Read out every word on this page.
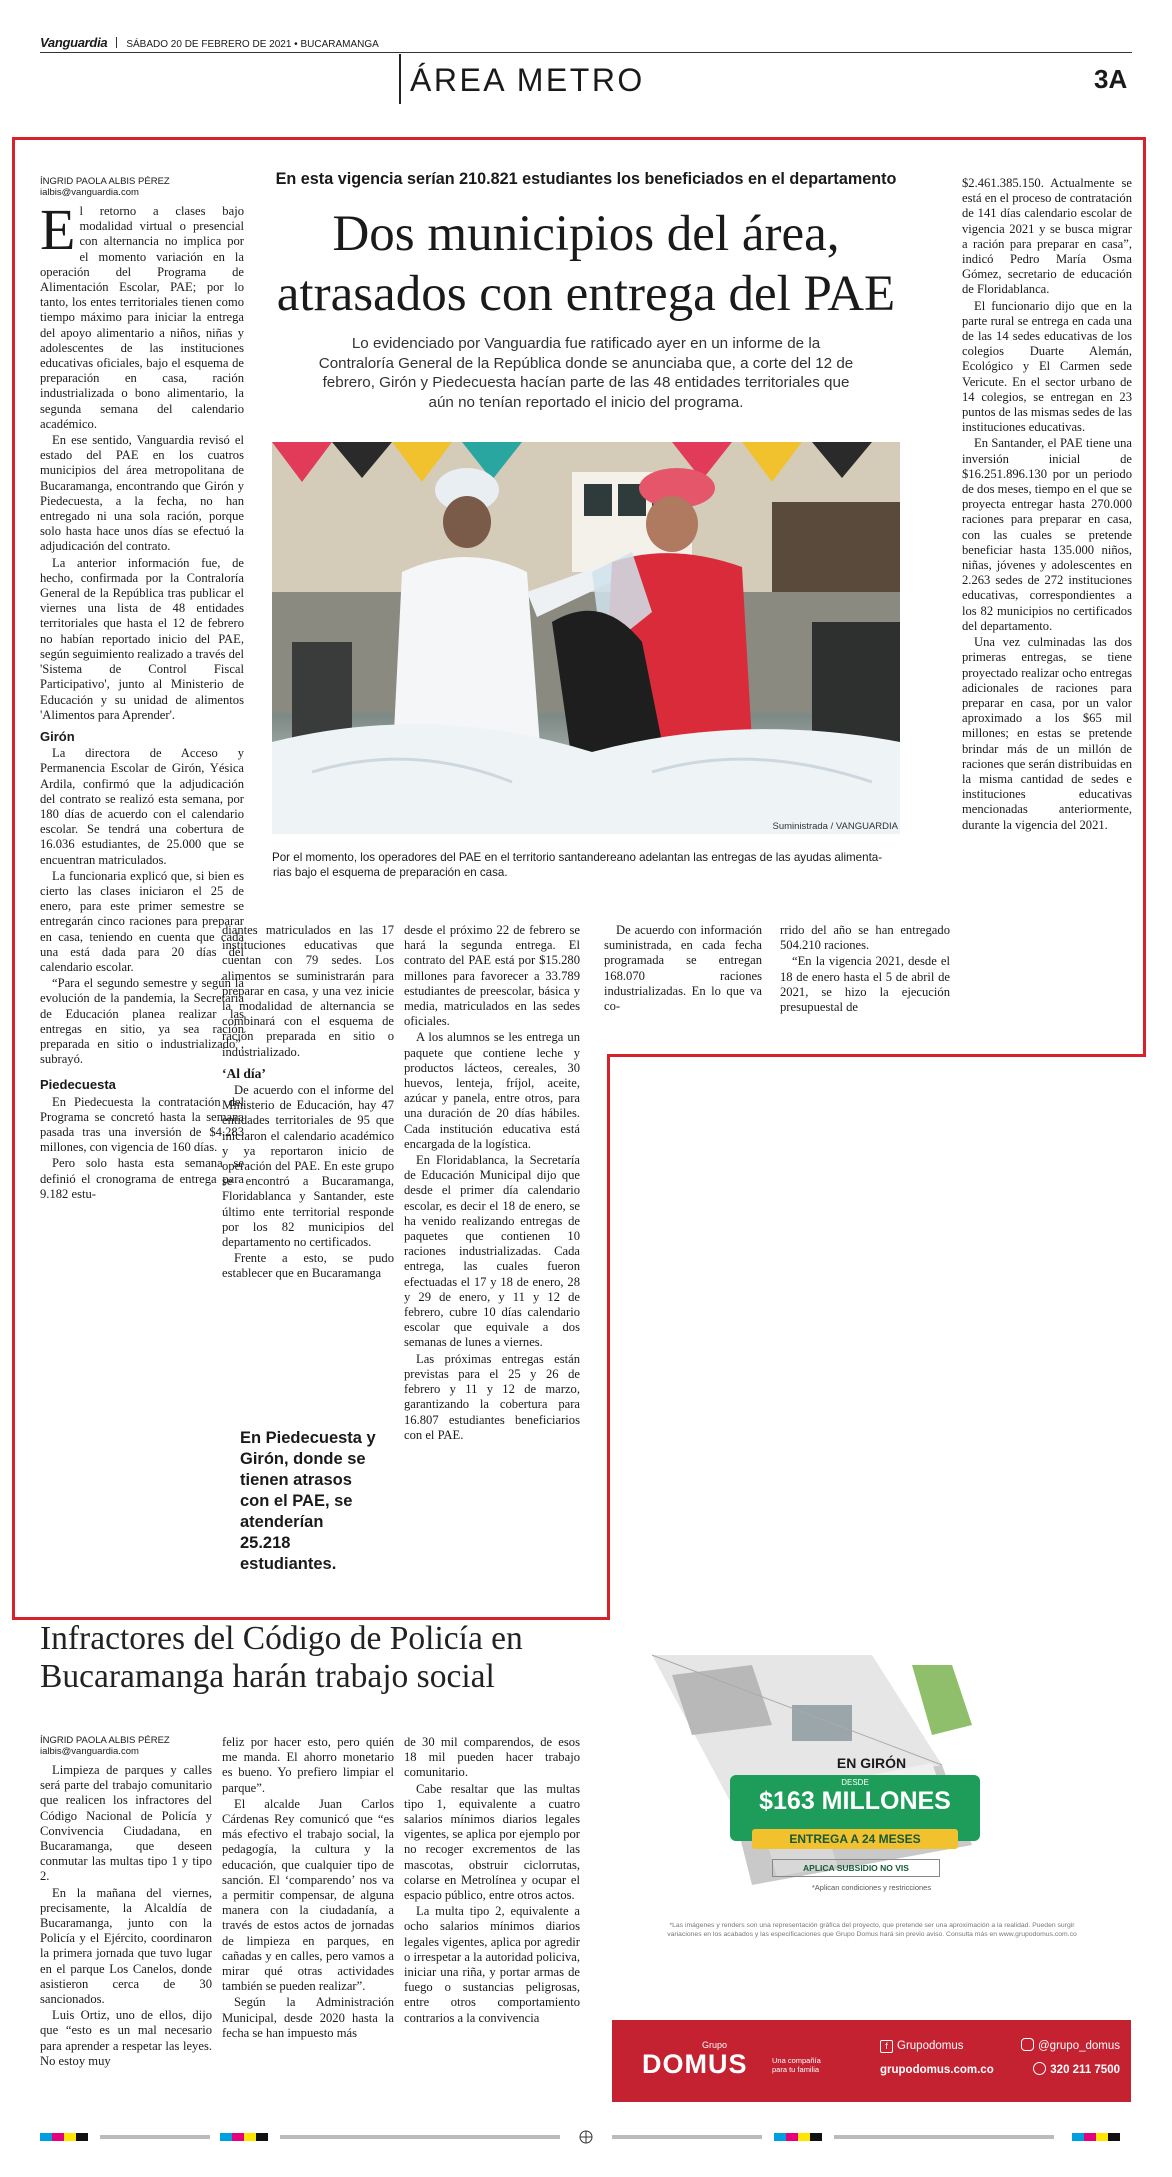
Vanguardia SÁBADO 20 DE FEBRERO DE 2021 • BUCARAMANGA
ÁREA METRO	3A
En esta vigencia serían 210.821 estudiantes los beneficiados en el departamento
Dos municipios del área,
atrasados con entrega del PAE
Lo evidenciado por Vanguardia fue ratificado ayer en un informe de la
Contraloría General de la República donde se anunciaba que, a corte del 12 de
febrero, Girón y Piedecuesta hacían parte de las 48 entidades territoriales que
aún no tenían reportado el inicio del programa.
Suministrada / VANGUARDIA
Por el momento, los operadores del PAE en el territorio santandereano adelantan las entregas de las ayudas alimenta-
rias bajo el esquema de preparación en casa.
ÍNGRID PAOLA ALBIS PÉREZ
ialbis@vanguardia.com

El retorno a clases bajo modalidad virtual o presencial con alternancia no implica por el momento variación en la operación del Programa de Alimentación Escolar, PAE; por lo tanto, los entes territoriales tienen como tiempo máximo para iniciar la entrega del apoyo alimentario a niños, niñas y adolescentes de las instituciones educativas oficiales, bajo el esquema de preparación en casa, ración industrializada o bono alimentario, la segunda semana del calendario académico.

En ese sentido, Vanguardia revisó el estado del PAE en los cuatros municipios del área metropolitana de Bucaramanga, encontrando que Girón y Piedecuesta, a la fecha, no han entregado ni una sola ración, porque solo hasta hace unos días se efectuó la adjudicación del contrato.

La anterior información fue, de hecho, confirmada por la Contraloría General de la República tras publicar el viernes una lista de 48 entidades territoriales que hasta el 12 de febrero no habían reportado inicio del PAE, según seguimiento realizado a través del 'Sistema de Control Fiscal Participativo', junto al Ministerio de Educación y su unidad de alimentos 'Alimentos para Aprender'.

Girón

La directora de Acceso y Permanencia Escolar de Girón, Yésica Ardila, confirmó que la adjudicación del contrato se realizó esta semana, por 180 días de acuerdo con el calendario escolar. Se tendrá una cobertura de 16.036 estudiantes, de 25.000 que se encuentran matriculados.

La funcionaria explicó que, si bien es cierto las clases iniciaron el 25 de enero, para este primer semestre se entregarán cinco raciones para preparar en casa, teniendo en cuenta que cada una está dada para 20 días del calendario escolar.

“Para el segundo semestre y según la evolución de la pandemia, la Secretaría de Educación planea realizar las entregas en sitio, ya sea ración preparada en sitio o industrializado”, subrayó.

Piedecuesta

En Piedecuesta la contratación del Programa se concretó hasta la semana pasada tras una inversión de $4.283 millones, con vigencia de 160 días.

Pero solo hasta esta semana se definió el cronograma de entrega para 9.182 estu-

diantes matriculados en las 17 instituciones educativas que cuentan con 79 sedes. Los alimentos se suministrarán para preparar en casa, y una vez inicie la modalidad de alternancia se combinará con el esquema de ración preparada en sitio o industrializado.

‘Al día’

De acuerdo con el informe del Ministerio de Educación, hay 47 entidades territoriales de 95 que iniciaron el calendario académico y ya reportaron inicio de operación del PAE. En este grupo se encontró a Bucaramanga, Floridablanca y Santander, este último ente territorial responde por los 82 municipios del departamento no certificados.

Frente a esto, se pudo establecer que en Bucaramanga

En Piedecuesta y Girón, donde se tienen atrasos con el PAE, se atenderían 25.218 estudiantes.

desde el próximo 22 de febrero se hará la segunda entrega. El contrato del PAE está por $15.280 millones para favorecer a 33.789 estudiantes de preescolar, básica y media, matriculados en las sedes oficiales.

A los alumnos se les entrega un paquete que contiene leche y productos lácteos, cereales, 30 huevos, lenteja, fríjol, aceite, azúcar y panela, entre otros, para una duración de 20 días hábiles. Cada institución educativa está encargada de la logística.

En Floridablanca, la Secretaría de Educación Municipal dijo que desde el primer día calendario escolar, es decir el 18 de enero, se ha venido realizando entregas de paquetes que contienen 10 raciones industrializadas. Cada entrega, las cuales fueron efectuadas el 17 y 18 de enero, 28 y 29 de enero, y 11 y 12 de febrero, cubre 10 días calendario escolar que equivale a dos semanas de lunes a viernes.

Las próximas entregas están previstas para el 25 y 26 de febrero y 11 y 12 de marzo, garantizando la cobertura para 16.807 estudiantes beneficiarios con el PAE.

De acuerdo con información suministrada, en cada fecha programada se entregan 168.070 raciones industrializadas. En lo que va co-

rrido del año se han entregado 504.210 raciones.

“En la vigencia 2021, desde el 18 de enero hasta el 5 de abril de 2021, se hizo la ejecución presupuestal de

$2.461.385.150. Actualmente se está en el proceso de contratación de 141 días calendario escolar de vigencia 2021 y se busca migrar a ración para preparar en casa”, indicó Pedro María Osma Gómez, secretario de educación de Floridablanca.

El funcionario dijo que en la parte rural se entrega en cada una de las 14 sedes educativas de los colegios Duarte Alemán, Ecológico y El Carmen sede Vericute. En el sector urbano de 14 colegios, se entregan en 23 puntos de las mismas sedes de las instituciones educativas.

En Santander, el PAE tiene una inversión inicial de $16.251.896.130 por un periodo de dos meses, tiempo en el que se proyecta entregar hasta 270.000 raciones para preparar en casa, con las cuales se pretende beneficiar hasta 135.000 niños, niñas, jóvenes y adolescentes en 2.263 sedes de 272 instituciones educativas, correspondientes a los 82 municipios no certificados del departamento.

Una vez culminadas las dos primeras entregas, se tiene proyectado realizar ocho entregas adicionales de raciones para preparar en casa, por un valor aproximado a los $65 mil millones; en estas se pretende brindar más de un millón de raciones que serán distribuidas en la misma cantidad de sedes e instituciones educativas mencionadas anteriormente, durante la vigencia del 2021.

Infractores del Código de Policía en
Bucaramanga harán trabajo social
ÍNGRID PAOLA ALBIS PÉREZ
ialbis@vanguardia.com

Limpieza de parques y calles será parte del trabajo comunitario que realicen los infractores del Código Nacional de Policía y Convivencia Ciudadana, en Bucaramanga, que deseen conmutar las multas tipo 1 y tipo 2.

En la mañana del viernes, precisamente, la Alcaldía de Bucaramanga, junto con la Policía y el Ejército, coordinaron la primera jornada que tuvo lugar en el parque Los Canelos, donde asistieron cerca de 30 sancionados.

Luis Ortiz, uno de ellos, dijo que “esto es un mal necesario para aprender a respetar las leyes. No estoy muy

feliz por hacer esto, pero quién me manda. El ahorro monetario es bueno. Yo prefiero limpiar el parque”.

El alcalde Juan Carlos Cárdenas Rey comunicó que “es más efectivo el trabajo social, la pedagogía, la cultura y la educación, que cualquier tipo de sanción. El ‘comparendo’ nos va a permitir compensar, de alguna manera con la ciudadanía, a través de estos actos de jornadas de limpieza en parques, en cañadas y en calles, pero vamos a mirar qué otras actividades también se pueden realizar”.

Según la Administración Municipal, desde 2020 hasta la fecha se han impuesto más

de 30 mil comparendos, de esos 18 mil pueden hacer trabajo comunitario.

Cabe resaltar que las multas tipo 1, equivalente a cuatro salarios mínimos diarios legales vigentes, se aplica por ejemplo por no recoger excrementos de las mascotas, obstruir ciclorrutas, colarse en Metrolínea y ocupar el espacio público, entre otros actos.

La multa tipo 2, equivalente a ocho salarios mínimos diarios legales vigentes, aplica por agredir o irrespetar a la autoridad policiva, iniciar una riña, y portar armas de fuego o sustancias peligrosas, entre otros comportamiento contrarios a la convivencia

EN GIRÓN
DESDE
$163 MILLONES
ENTREGA A 24 MESES
APLICA SUBSIDIO NO VIS
*Aplican condiciones y restricciones
*Las imágenes y renders son una representación gráfica del proyecto, que pretende ser una aproximación a la realidad. Pueden surgir
variaciones en los acabados y las especificaciones que Grupo Domus hará sin previo aviso. Consulta más en www.grupodomus.com.co
Grupo
DOMUS	Una compañía
para tu familia
f Grupodomus	@grupo_domus
grupodomus.com.co	320 211 7500
